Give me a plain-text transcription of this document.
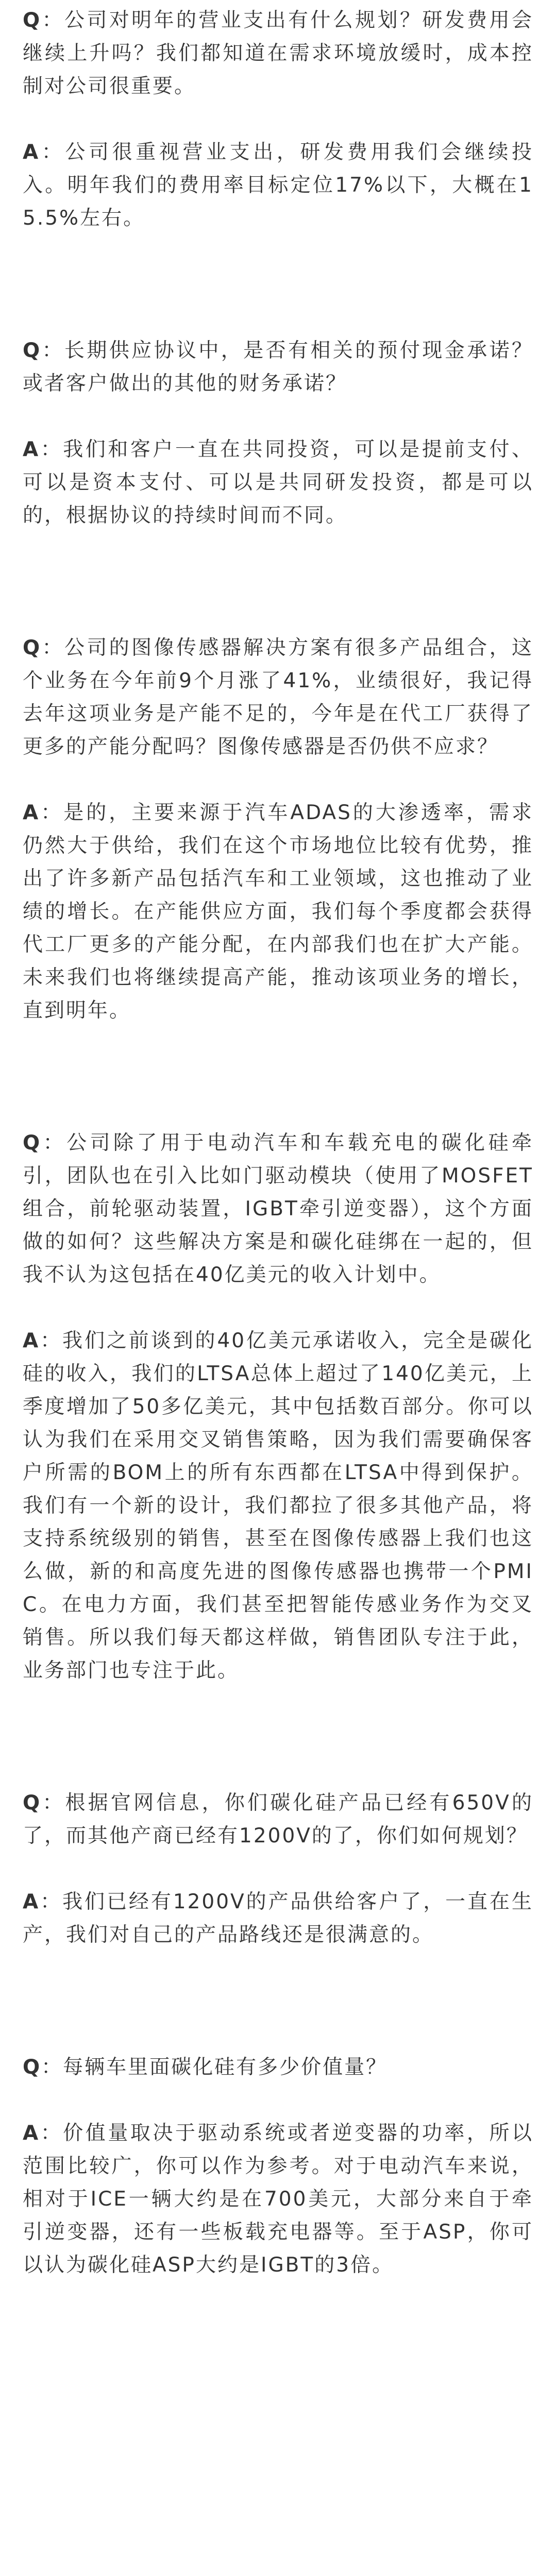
Q：公司对明年的营业支出有什么规划？研发费用会继续上升吗？我们都知道在需求环境放缓时，成本控制对公司很重要。

A：公司很重视营业支出，研发费用我们会继续投入。明年我们的费用率目标定位17%以下，大概在15.5%左右。

Q：长期供应协议中，是否有相关的预付现金承诺？或者客户做出的其他的财务承诺？

A：我们和客户一直在共同投资，可以是提前支付、可以是资本支付、可以是共同研发投资，都是可以的，根据协议的持续时间而不同。

Q：公司的图像传感器解决方案有很多产品组合，这个业务在今年前9个月涨了41%，业绩很好，我记得去年这项业务是产能不足的，今年是在代工厂获得了更多的产能分配吗？图像传感器是否仍供不应求？

A：是的，主要来源于汽车ADAS的大渗透率，需求仍然大于供给，我们在这个市场地位比较有优势，推出了许多新产品包括汽车和工业领域，这也推动了业绩的增长。在产能供应方面，我们每个季度都会获得代工厂更多的产能分配，在内部我们也在扩大产能。未来我们也将继续提高产能，推动该项业务的增长，直到明年。

Q：公司除了用于电动汽车和车载充电的碳化硅牵引，团队也在引入比如门驱动模块（使用了MOSFET组合，前轮驱动装置，IGBT牵引逆变器），这个方面做的如何？这些解决方案是和碳化硅绑在一起的，但我不认为这包括在40亿美元的收入计划中。

A：我们之前谈到的40亿美元承诺收入，完全是碳化硅的收入，我们的LTSA总体上超过了140亿美元，上季度增加了50多亿美元，其中包括数百部分。你可以认为我们在采用交叉销售策略，因为我们需要确保客户所需的BOM上的所有东西都在LTSA中得到保护。我们有一个新的设计，我们都拉了很多其他产品，将支持系统级别的销售，甚至在图像传感器上我们也这么做，新的和高度先进的图像传感器也携带一个PMIC。在电力方面，我们甚至把智能传感业务作为交叉销售。所以我们每天都这样做，销售团队专注于此，业务部门也专注于此。

Q：根据官网信息，你们碳化硅产品已经有650V的了，而其他产商已经有1200V的了，你们如何规划？

A：我们已经有1200V的产品供给客户了，一直在生产，我们对自己的产品路线还是很满意的。

Q：每辆车里面碳化硅有多少价值量？

A：价值量取决于驱动系统或者逆变器的功率，所以范围比较广，你可以作为参考。对于电动汽车来说，相对于ICE一辆大约是在700美元，大部分来自于牵引逆变器，还有一些板载充电器等。至于ASP，你可以认为碳化硅ASP大约是IGBT的3倍。
